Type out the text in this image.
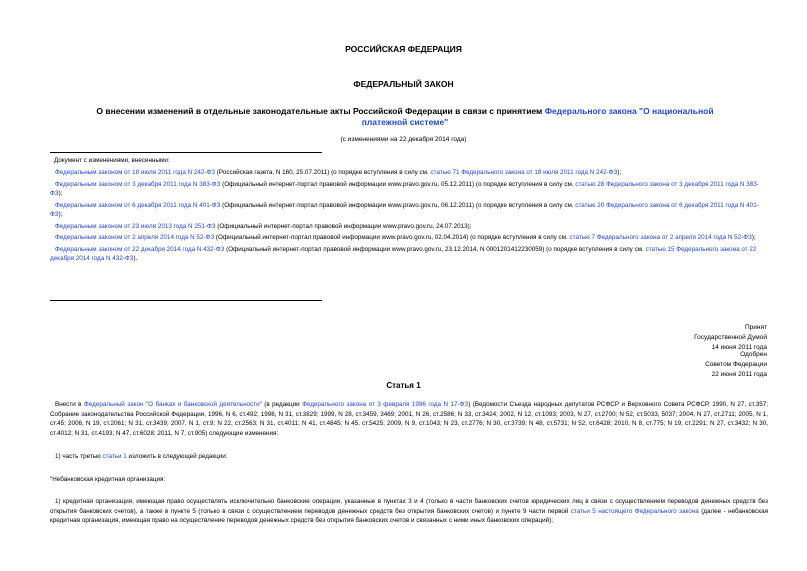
РОССИЙСКАЯ ФЕДЕРАЦИЯ
ФЕДЕРАЛЬНЫЙ ЗАКОН
О внесении изменений в отдельные законодательные акты Российской Федерации в связи с принятием Федерального закона "О национальной платежной системе"
(с изменениями на 22 декабря 2014 года)
Документ с изменениями, внесенными:
Федеральным законом от 18 июля 2011 года N 242-ФЗ (Российская газета, N 160, 25.07.2011) (о порядке вступления в силу см. статью 71 Федерального закона от 18 июля 2011 года N 242-ФЗ);
Федеральным законом от 3 декабря 2011 года N 383-ФЗ (Официальный интернет-портал правовой информации www.pravo.gov.ru, 05.12.2011) (о порядке вступления в силу см. статью 28 Федерального закона от 3 декабря 2011 года N 383-ФЗ);
Федеральным законом от 6 декабря 2011 года N 401-ФЗ (Официальный интернет-портал правовой информации www.pravo.gov.ru, 06.12.2011) (о порядке вступления в силу см. статью 20 Федерального закона от 6 декабря 2011 года N 401-ФЗ);
Федеральным законом от 23 июля 2013 года N 251-ФЗ (Официальный интернет-портал правовой информации www.pravo.gov.ru, 24.07.2013);
Федеральным законом от 2 апреля 2014 года N 52-ФЗ (Официальный интернет-портал правовой информации www.pravo.gov.ru, 02.04.2014) (о порядке вступления в силу см. статью 7 Федерального закона от 2 апреля 2014 года N 52-ФЗ);
Федеральным законом от 22 декабря 2014 года N 432-ФЗ (Официальный интернет-портал правовой информации www.pravo.gov.ru, 23.12.2014, N 0001201412230059) (о порядке вступления в силу см. статью 15 Федерального закона от 22 декабря 2014 года N 432-ФЗ).
Принят
Государственной Думой
14 июня 2011 года
Одобрен
Советом Федерации
22 июня 2011 года
Статья 1

Внести в Федеральный закон "О банках и банковской деятельности" (в редакции Федерального закона от 3 февраля 1996 года N 17-ФЗ) (Ведомости Съезда народных депутатов РСФСР и Верховного Совета РСФСР, 1990, N 27, ст.357; Собрание законодательства Российской Федерации, 1996, N 6, ст.492; 1998, N 31, ст.3829; 1999, N 28, ст.3459, 3469; 2001, N 26, ст.2586; N 33, ст.3424; 2002, N 12, ст.1093; 2003, N 27, ст.2700; N 52, ст.5033, 5037; 2004, N 27, ст.2711; 2005, N 1, ст.45; 2006, N 19, ст.2061; N 31, ст.3439; 2007, N 1, ст.9; N 22, ст.2563; N 31, ст.4011; N 41, ст.4845; N 45, ст.5425; 2009, N 9, ст.1043; N 23, ст.2776; N 30, ст.3739; N 48, ст.5731; N 52, ст.6428; 2010, N 8, ст.775; N 19, ст.2291; N 27, ст.3432; N 30, ст.4012; N 31, ст.4193; N 47, ст.6028; 2011, N 7, ст.905) следующие изменения:

1) часть третью статьи 1 изложить в следующей редакции:

"Небанковская кредитная организация:

1) кредитная организация, имеющая право осуществлять исключительно банковские операции, указанные в пунктах 3 и 4 (только в части банковских счетов юридических лиц в связи с осуществлением переводов денежных средств без открытия банковских счетов), а также в пункте 5 (только в связи с осуществлением переводов денежных средств без открытия банковских счетов) и пункте 9 части первой статьи 5 настоящего Федерального закона (далее - небанковская кредитная организация, имеющая право на осуществление переводов денежных средств без открытия банковских счетов и связанных с ними иных банковских операций);
